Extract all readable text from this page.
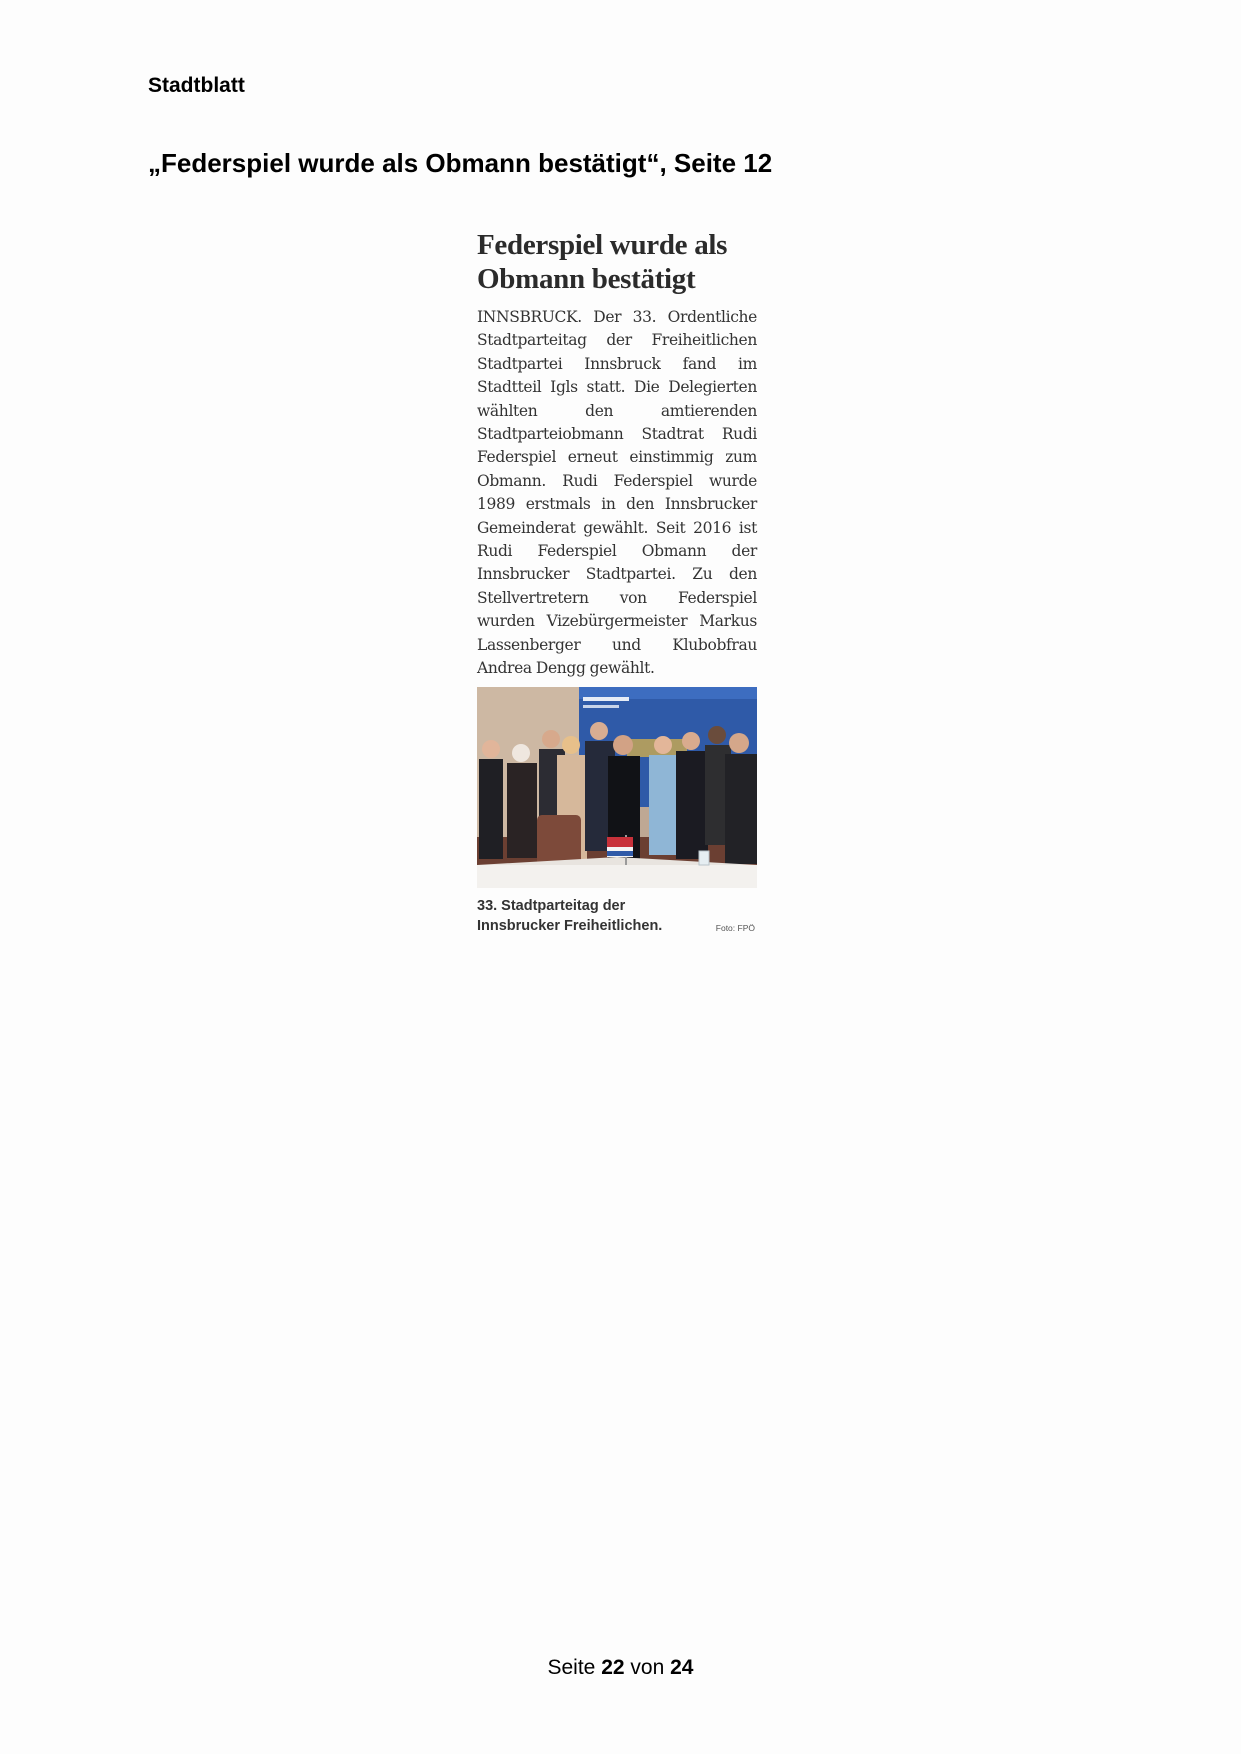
Stadtblatt
„Federspiel wurde als Obmann bestätigt“, Seite 12
Federspiel wurde als Obmann bestätigt

INNSBRUCK. Der 33. Ordentliche Stadtparteitag der Freiheitlichen Stadtpartei Innsbruck fand im Stadtteil Igls statt. Die Delegierten wählten den amtierenden Stadtparteiobmann Stadtrat Rudi Federspiel erneut einstimmig zum Obmann. Rudi Federspiel wurde 1989 erstmals in den Innsbrucker Gemeinderat gewählt. Seit 2016 ist Rudi Federspiel Obmann der Innsbrucker Stadtpartei. Zu den Stellvertretern von Federspiel wurden Vizebürgermeister Markus Lassenberger und Klubobfrau Andrea Dengg gewählt.

33. Stadtparteitag der Innsbrucker Freiheitlichen.	Foto: FPÖ
Seite 22 von 24
